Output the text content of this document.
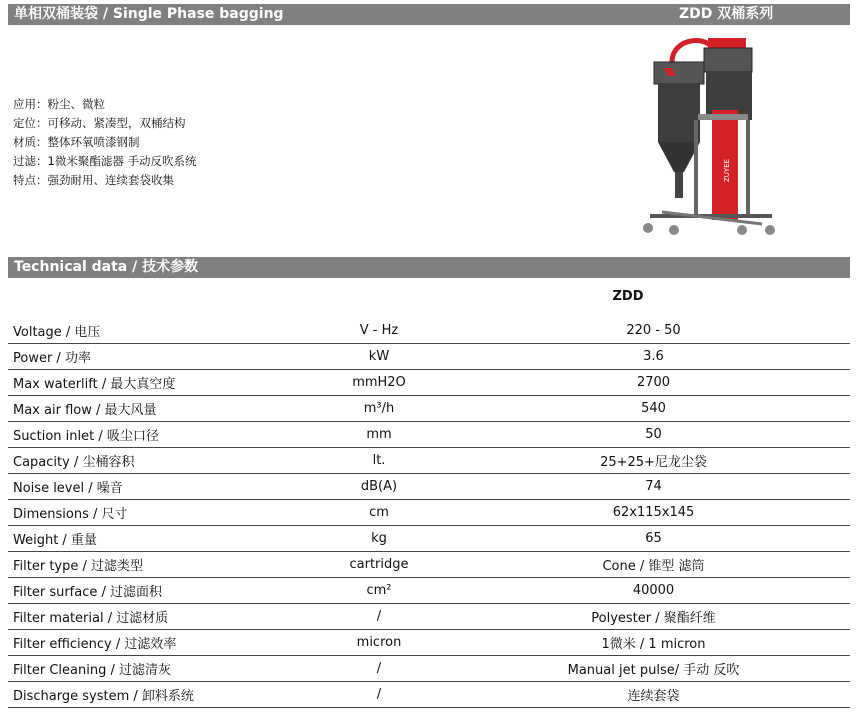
单相双桶装袋 / Single Phase bagging	ZDD 双桶系列
应用：粉尘、微粒
定位：可移动、紧凑型，双桶结构
材质：整体环氧喷漆钢制
过滤：1微米聚酯滤器 手动反吹系统
特点：强劲耐用、连续套袋收集	ZUYEE
Technical data / 技术参数
ZDD
Voltage / 电压	V - Hz	220 - 50
Power / 功率	kW	3.6
Max waterlift / 最大真空度	mmH2O	2700
Max air flow / 最大风量	m³/h	540
Suction inlet / 吸尘口径	mm	50
Capacity / 尘桶容积	lt.	25+25+尼龙尘袋
Noise level / 噪音	dB(A)	74
Dimensions / 尺寸	cm	62x115x145
Weight / 重量	kg	65
Filter type / 过滤类型	cartridge	Cone / 锥型 滤筒
Filter surface / 过滤面积	cm²	40000
Filter material / 过滤材质	/	Polyester / 聚酯纤维
Filter efficiency / 过滤效率	micron	1微米 / 1 micron
Filter Cleaning / 过滤清灰	/	Manual jet pulse/ 手动 反吹
Discharge system / 卸料系统	/	连续套袋
